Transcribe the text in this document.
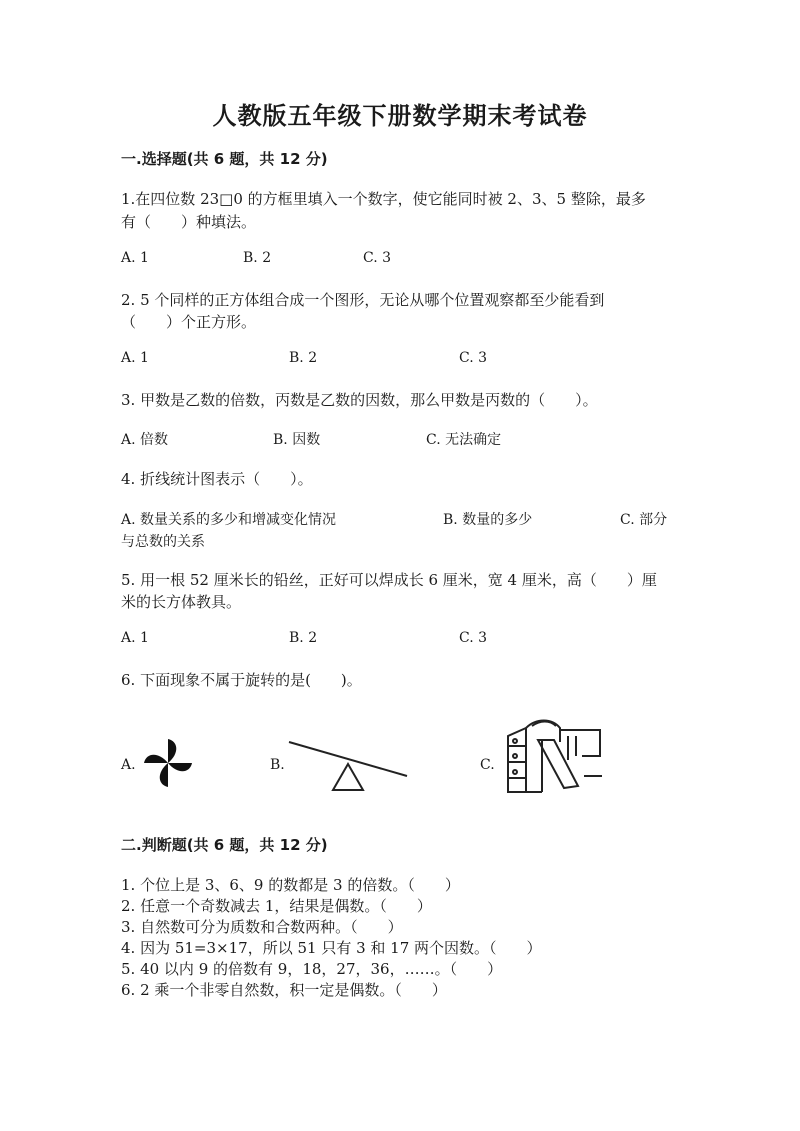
人教版五年级下册数学期末考试卷
一.选择题(共 6 题，共 12 分)
1.在四位数 23□0 的方框里填入一个数字，使它能同时被 2、3、5 整除，最多
有（　　）种填法。
A. 1	B. 2	C. 3
2. 5 个同样的正方体组合成一个图形，无论从哪个位置观察都至少能看到
（　　）个正方形。
A. 1	B. 2	C. 3
3. 甲数是乙数的倍数，丙数是乙数的因数，那么甲数是丙数的（　　）。
A. 倍数	B. 因数	C. 无法确定
4. 折线统计图表示（　　）。
A. 数量关系的多少和增减变化情况	B. 数量的多少	C. 部分
与总数的关系
5. 用一根 52 厘米长的铅丝，正好可以焊成长 6 厘米，宽 4 厘米，高（　　）厘
米的长方体教具。
A. 1	B. 2	C. 3
6. 下面现象不属于旋转的是(　　)。
A.	B.	C.
二.判断题(共 6 题，共 12 分)
1. 个位上是 3、6、9 的数都是 3 的倍数。（　　）
2. 任意一个奇数减去 1，结果是偶数。（　　）
3. 自然数可分为质数和合数两种。（　　）
4. 因为 51=3×17，所以 51 只有 3 和 17 两个因数。（　　）
5. 40 以内 9 的倍数有 9，18，27，36，……。（　　）
6. 2 乘一个非零自然数，积一定是偶数。（　　）
